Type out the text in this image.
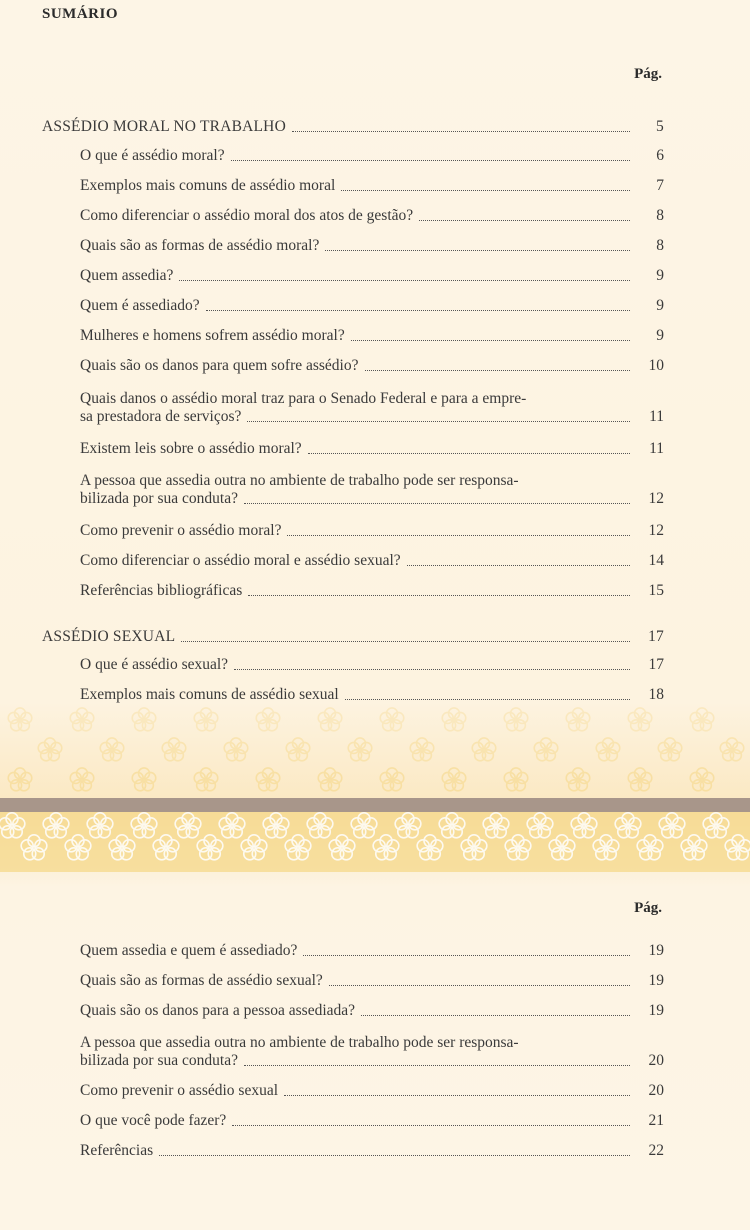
SUMÁRIO
Pág.
ASSÉDIO MORAL NO TRABALHO	5
O que é assédio moral?	6
Exemplos mais comuns de assédio moral	7
Como diferenciar o assédio moral dos atos de gestão?	8
Quais são as formas de assédio moral?	8
Quem assedia?	9
Quem é assediado?	9
Mulheres e homens sofrem assédio moral?	9
Quais são os danos para quem sofre assédio?	10
Quais danos o assédio moral traz para o Senado Federal e para a empre-
sa prestadora de serviços?	11
Existem leis sobre o assédio moral?	11
A pessoa que assedia outra no ambiente de trabalho pode ser responsa-
bilizada por sua conduta?	12
Como prevenir o assédio moral?	12
Como diferenciar o assédio moral e assédio sexual?	14
Referências bibliográficas	15
ASSÉDIO SEXUAL	17
O que é assédio sexual?	17
Exemplos mais comuns de assédio sexual	18
Pág.
Quem assedia e quem é assediado?	19
Quais são as formas de assédio sexual?	19
Quais são os danos para a pessoa assediada?	19
A pessoa que assedia outra no ambiente de trabalho pode ser responsa-
bilizada por sua conduta?	20
Como prevenir o assédio sexual	20
O que você pode fazer?	21
Referências	22
